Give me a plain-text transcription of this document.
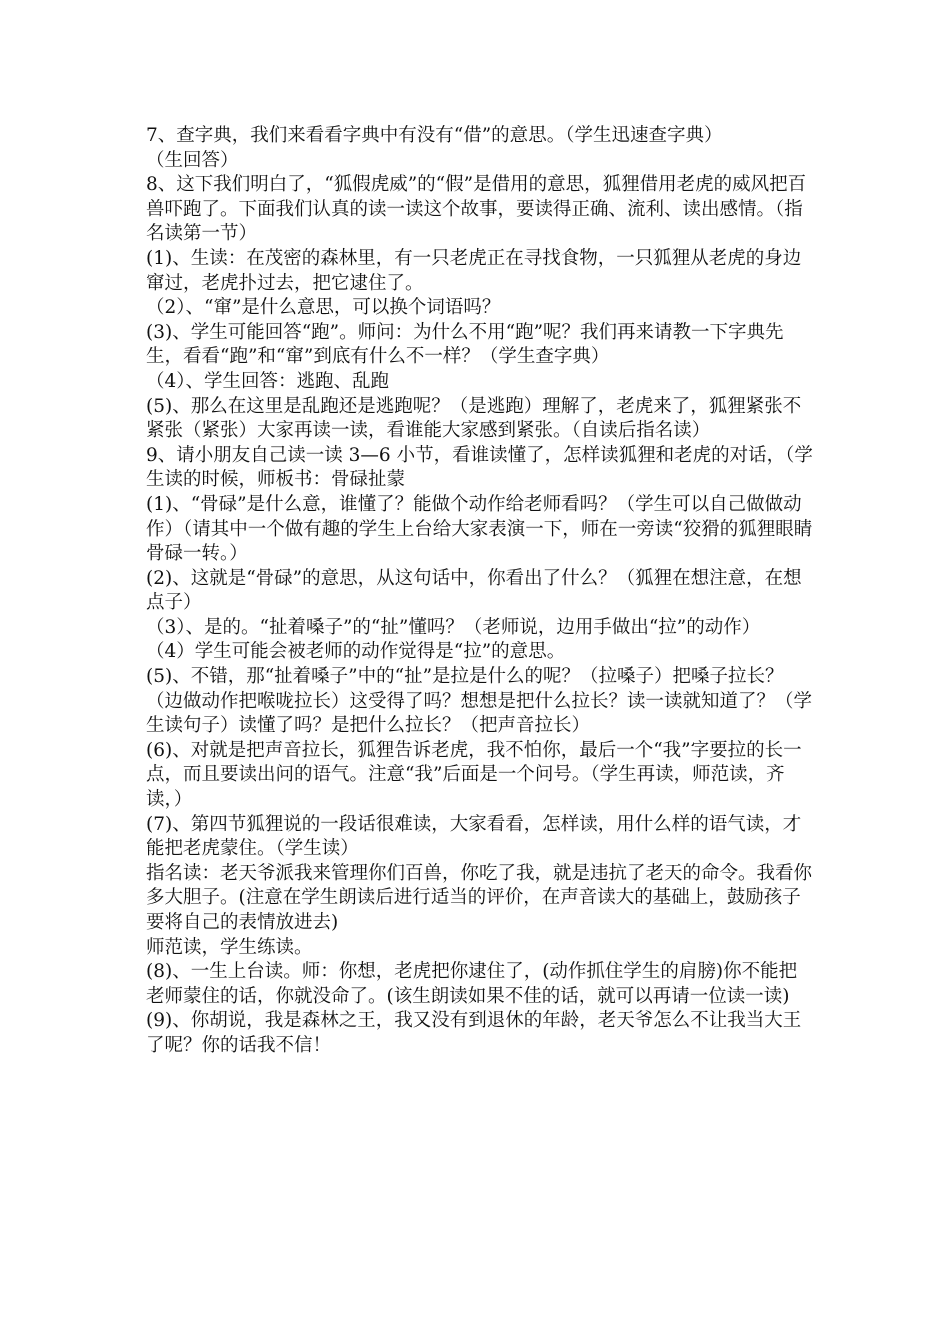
7、查字典，我们来看看字典中有没有“借”的意思。（学生迅速查字典）

（生回答）

8、这下我们明白了，“狐假虎威”的“假”是借用的意思，狐狸借用老虎的威风把百兽吓跑了。下面我们认真的读一读这个故事，要读得正确、流利、读出感情。（指名读第一节）

(1)、生读：在茂密的森林里，有一只老虎正在寻找食物，一只狐狸从老虎的身边窜过，老虎扑过去，把它逮住了。

（2）、“窜”是什么意思，可以换个词语吗？

(3)、学生可能回答“跑”。师问：为什么不用“跑”呢？我们再来请教一下字典先生，看看“跑”和“窜”到底有什么不一样？（学生查字典）

（4）、学生回答：逃跑、乱跑

(5)、那么在这里是乱跑还是逃跑呢？（是逃跑）理解了，老虎来了，狐狸紧张不紧张（紧张）大家再读一读，看谁能大家感到紧张。（自读后指名读）

9、请小朋友自己读一读 3—6 小节，看谁读懂了，怎样读狐狸和老虎的对话，（学生读的时候，师板书：骨碌扯蒙

(1)、“骨碌”是什么意，谁懂了？能做个动作给老师看吗？（学生可以自己做做动作）（请其中一个做有趣的学生上台给大家表演一下，师在一旁读“狡猾的狐狸眼睛骨碌一转。）

(2)、这就是“骨碌”的意思，从这句话中，你看出了什么？（狐狸在想注意，在想点子）

（3）、是的。“扯着嗓子”的“扯”懂吗？（老师说，边用手做出“拉”的动作）

（4）学生可能会被老师的动作觉得是“拉”的意思。

(5)、不错，那“扯着嗓子”中的“扯”是拉是什么的呢？（拉嗓子）把嗓子拉长？（边做动作把喉咙拉长）这受得了吗？想想是把什么拉长？读一读就知道了？（学生读句子）读懂了吗？是把什么拉长？（把声音拉长）

(6)、对就是把声音拉长，狐狸告诉老虎，我不怕你，最后一个“我”字要拉的长一点，而且要读出问的语气。注意“我”后面是一个问号。（学生再读，师范读，齐读，）

(7)、第四节狐狸说的一段话很难读，大家看看，怎样读，用什么样的语气读，才能把老虎蒙住。（学生读）

指名读：老天爷派我来管理你们百兽，你吃了我，就是违抗了老天的命令。我看你多大胆子。(注意在学生朗读后进行适当的评价，在声音读大的基础上，鼓励孩子要将自己的表情放进去)

师范读，学生练读。

(8)、一生上台读。师：你想，老虎把你逮住了，(动作抓住学生的肩膀)你不能把老师蒙住的话，你就没命了。(该生朗读如果不佳的话，就可以再请一位读一读)

(9)、你胡说，我是森林之王，我又没有到退休的年龄，老天爷怎么不让我当大王了呢？你的话我不信！
